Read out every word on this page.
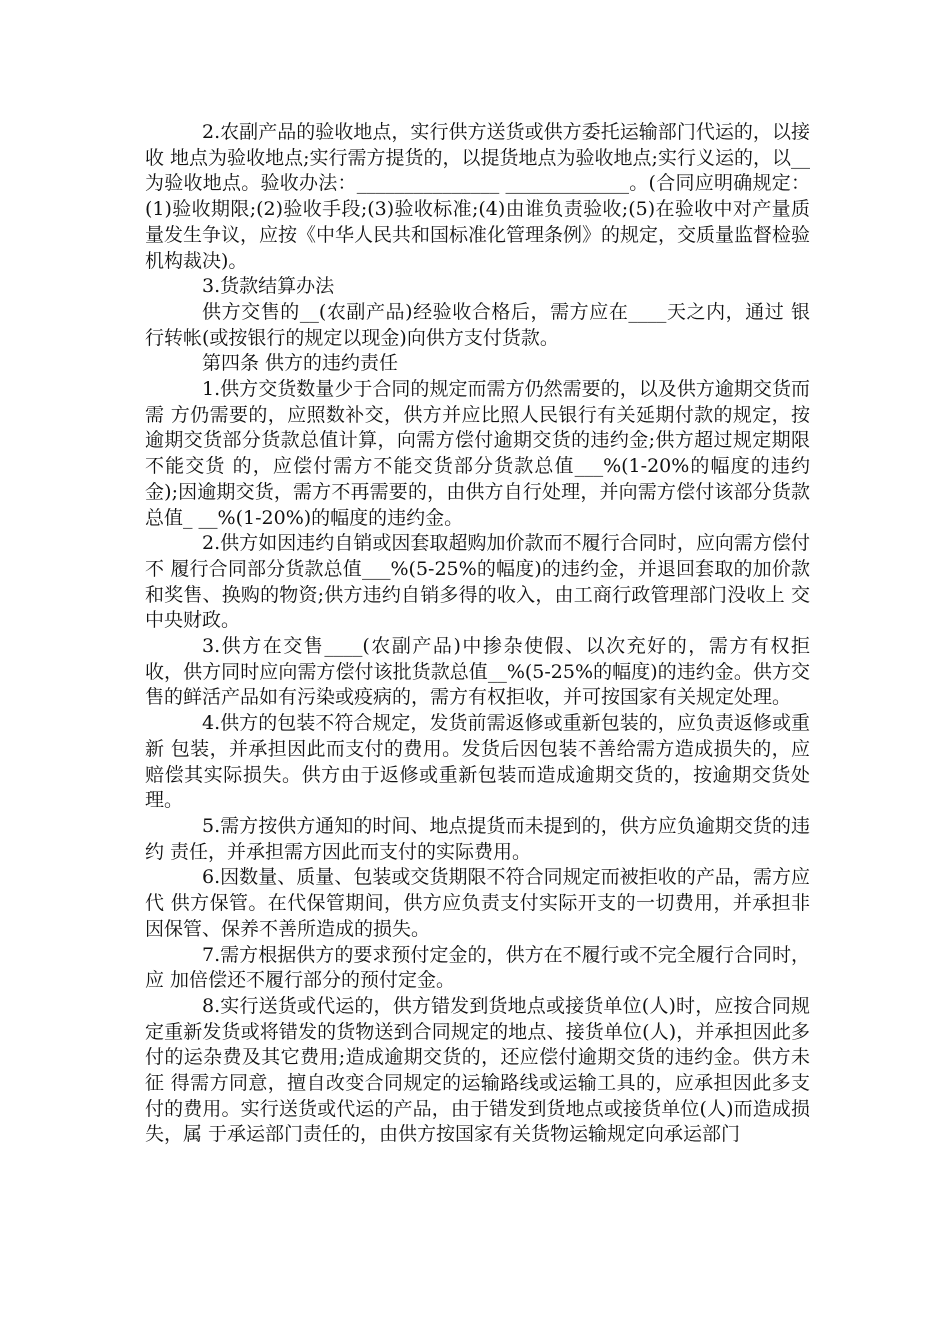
2.农副产品的验收地点，实行供方送货或供方委托运输部门代运的，以接收 地点为验收地点;实行需方提货的，以提货地点为验收地点;实行义运的，以__为验收地点。验收办法：_______________ _____________。(合同应明确规定：(1)验收期限;(2)验收手段;(3)验收标准;(4)由谁负责验收;(5)在验收中对产量质量发生争议，应按《中华人民共和国标准化管理条例》的规定，交质量监督检验机构裁决)。

3.货款结算办法

供方交售的__(农副产品)经验收合格后，需方应在____天之内，通过 银行转帐(或按银行的规定以现金)向供方支付货款。

第四条 供方的违约责任

1.供方交货数量少于合同的规定而需方仍然需要的，以及供方逾期交货而需 方仍需要的，应照数补交，供方并应比照人民银行有关延期付款的规定，按逾期交货部分货款总值计算，向需方偿付逾期交货的违约金;供方超过规定期限不能交货 的，应偿付需方不能交货部分货款总值___%(1-20%的幅度的违约金);因逾期交货，需方不再需要的，由供方自行处理，并向需方偿付该部分货款总值_ __%(1-20%)的幅度的违约金。

2.供方如因违约自销或因套取超购加价款而不履行合同时，应向需方偿付不 履行合同部分货款总值___%(5-25%的幅度)的违约金，并退回套取的加价款和奖售、换购的物资;供方违约自销多得的收入，由工商行政管理部门没收上 交中央财政。

3.供方在交售____(农副产品)中掺杂使假、以次充好的，需方有权拒 收，供方同时应向需方偿付该批货款总值__%(5-25%的幅度)的违约金。供方交售的鲜活产品如有污染或疫病的，需方有权拒收，并可按国家有关规定处理。

4.供方的包装不符合规定，发货前需返修或重新包装的，应负责返修或重新 包装，并承担因此而支付的费用。发货后因包装不善给需方造成损失的，应赔偿其实际损失。供方由于返修或重新包装而造成逾期交货的，按逾期交货处理。

5.需方按供方通知的时间、地点提货而未提到的，供方应负逾期交货的违约 责任，并承担需方因此而支付的实际费用。

6.因数量、质量、包装或交货期限不符合同规定而被拒收的产品，需方应代 供方保管。在代保管期间，供方应负责支付实际开支的一切费用，并承担非因保管、保养不善所造成的损失。

7.需方根据供方的要求预付定金的，供方在不履行或不完全履行合同时，应 加倍偿还不履行部分的预付定金。

8.实行送货或代运的，供方错发到货地点或接货单位(人)时，应按合同规 定重新发货或将错发的货物送到合同规定的地点、接货单位(人)，并承担因此多付的运杂费及其它费用;造成逾期交货的，还应偿付逾期交货的违约金。供方未征 得需方同意，擅自改变合同规定的运输路线或运输工具的，应承担因此多支付的费用。实行送货或代运的产品，由于错发到货地点或接货单位(人)而造成损失，属 于承运部门责任的，由供方按国家有关货物运输规定向承运部门
